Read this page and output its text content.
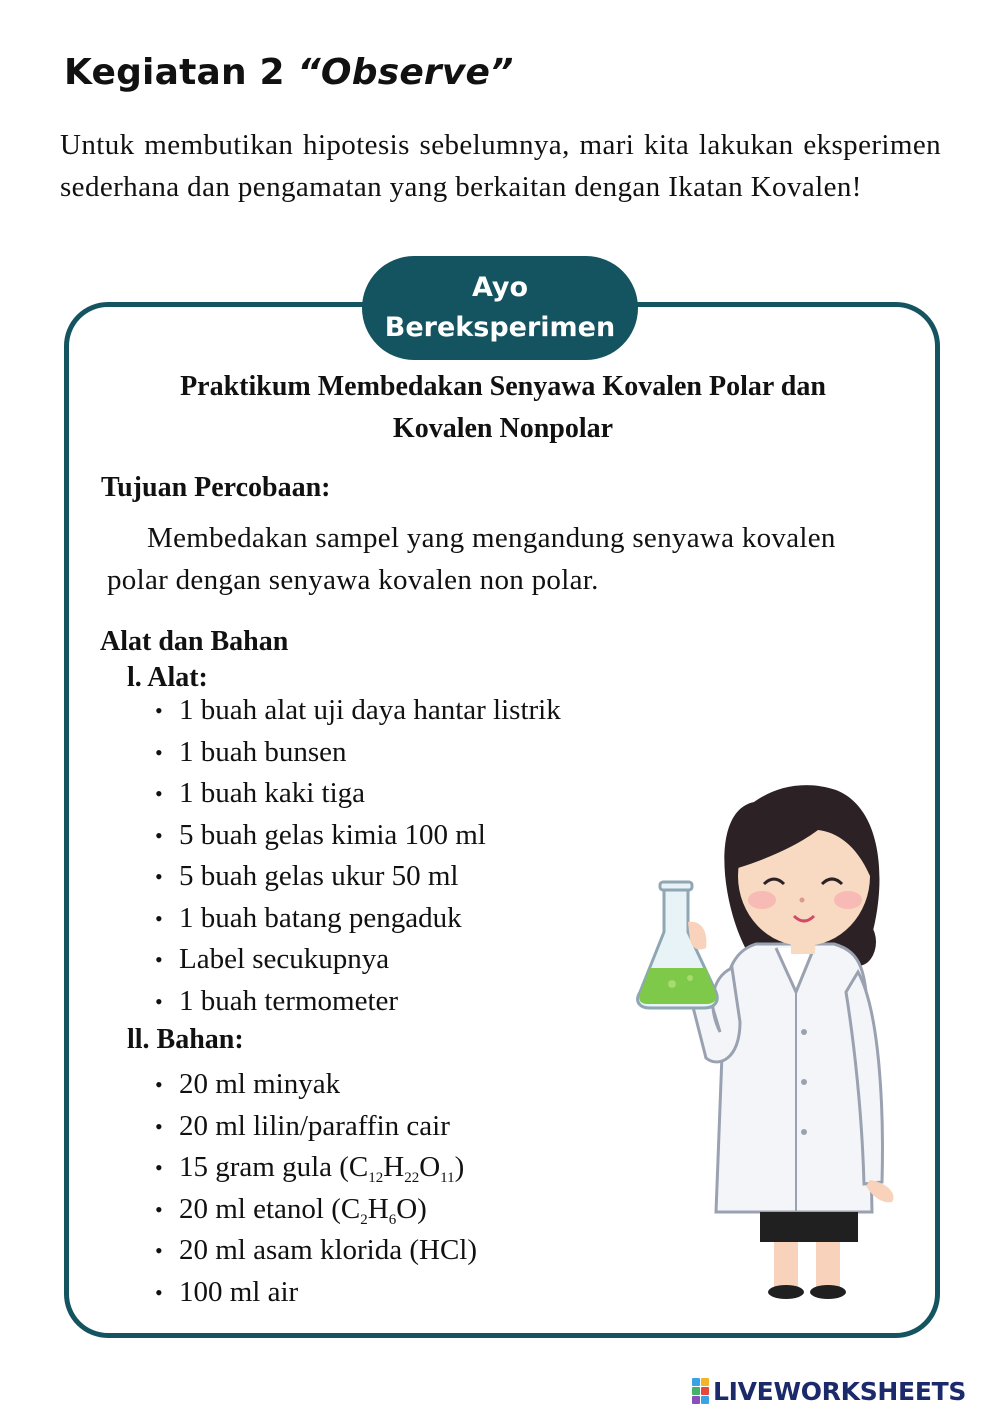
Kegiatan 2 “Observe”

Untuk membutikan hipotesis sebelumnya, mari kita lakukan eksperimen sederhana dan pengamatan yang berkaitan dengan Ikatan Kovalen!

Ayo
Bereksperimen
Praktikum Membedakan Senyawa Kovalen Polar dan
Kovalen Nonpolar
Tujuan Percobaan:
Membedakan sampel yang mengandung senyawa kovalen
polar dengan senyawa kovalen non polar.
Alat dan Bahan
l. Alat:
• 1 buah alat uji daya hantar listrik
• 1 buah bunsen
• 1 buah kaki tiga
• 5 buah gelas kimia 100 ml
• 5 buah gelas ukur 50 ml
• 1 buah batang pengaduk
• Label secukupnya
• 1 buah termometer
ll. Bahan:
• 20 ml minyak
• 20 ml lilin/paraffin cair
• 15 gram gula $(C_{12}H_{22}O_{11})$
• 20 ml etanol $(C_2H_6O)$
• 20 ml asam klorida (HCl)
• 100 ml air
LIVEWORKSHEETS
